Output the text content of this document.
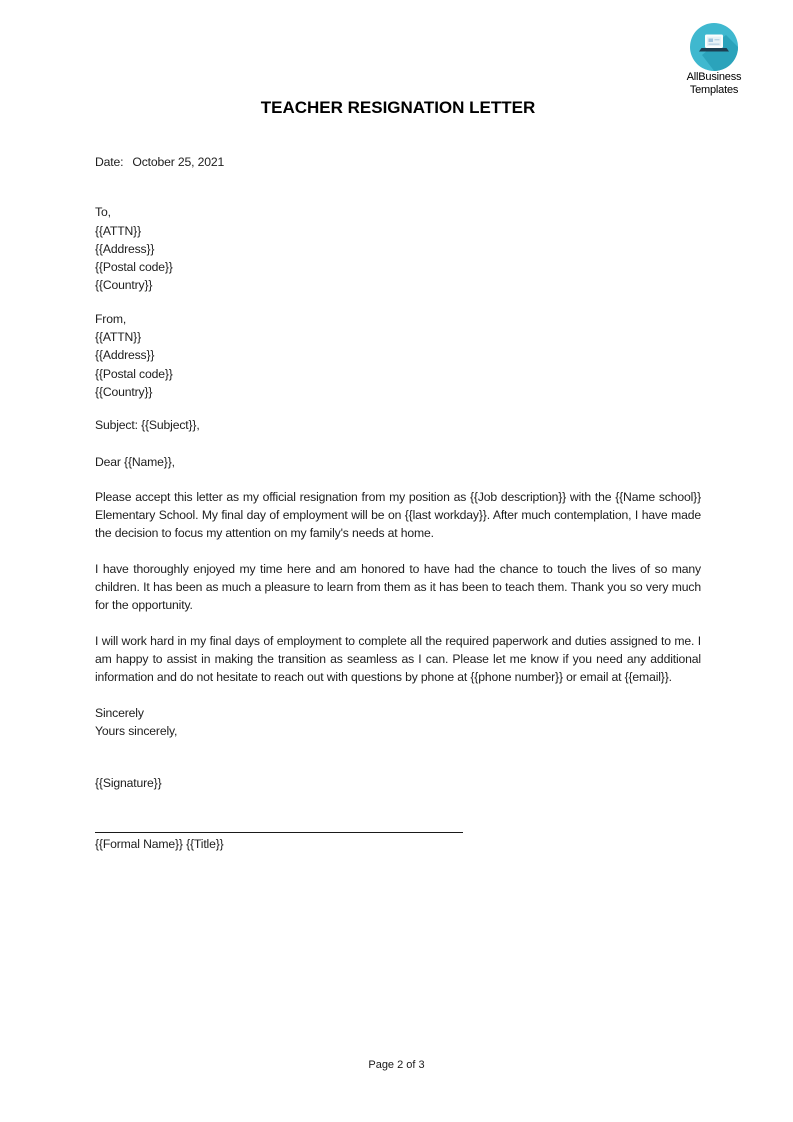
AllBusiness
Templates
TEACHER RESIGNATION LETTER
Date: October 25, 2021
To,
{{ATTN}}
{{Address}}
{{Postal code}}
{{Country}}
From,
{{ATTN}}
{{Address}}
{{Postal code}}
{{Country}}
Subject: {{Subject}},
Dear {{Name}},

Please accept this letter as my official resignation from my position as {{Job description}} with the {{Name school}} Elementary School. My final day of employment will be on {{last workday}}. After much contemplation, I have made the decision to focus my attention on my family's needs at home.

I have thoroughly enjoyed my time here and am honored to have had the chance to touch the lives of so many children. It has been as much a pleasure to learn from them as it has been to teach them. Thank you so very much for the opportunity.

I will work hard in my final days of employment to complete all the required paperwork and duties assigned to me. I am happy to assist in making the transition as seamless as I can. Please let me know if you need any additional information and do not hesitate to reach out with questions by phone at {{phone number}} or email at {{email}}.

Sincerely
Yours sincerely,
{{Signature}}
{{Formal Name}} {{Title}}
Page 2 of 3
